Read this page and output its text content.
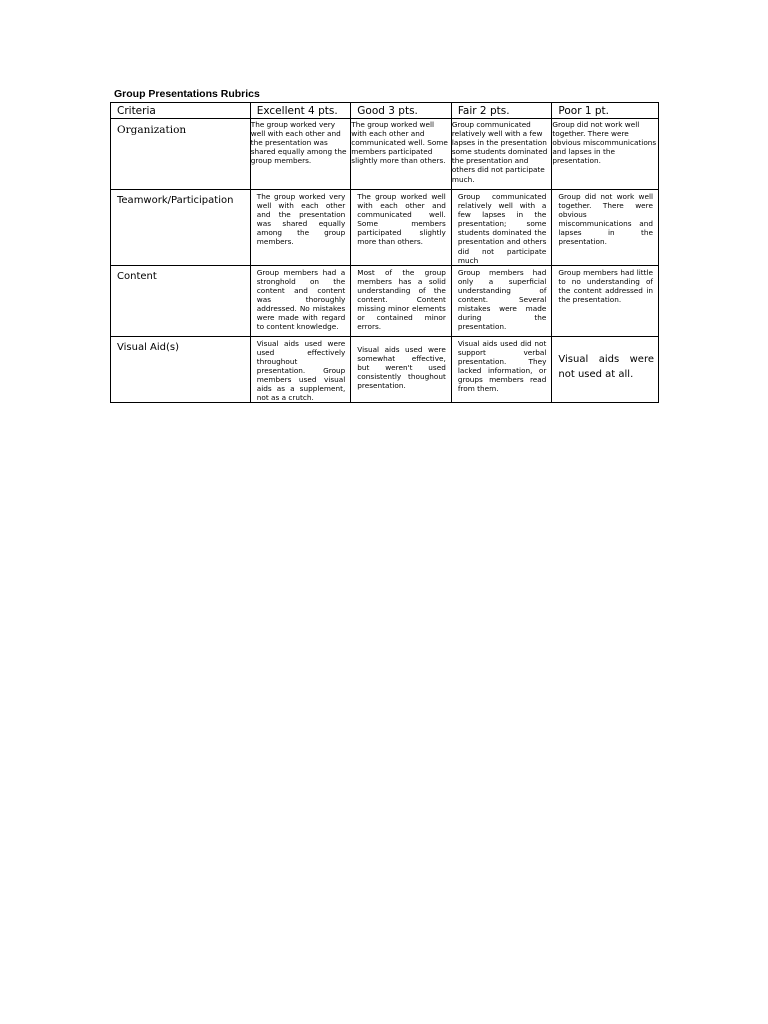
Group Presentations Rubrics
Criteria	Excellent 4 pts.	Good 3 pts.	Fair 2 pts.	Poor 1 pt.

Organization	The group worked very well with each other and the presentation was shared equally among the group members.	The group worked well with each other and communicated well. Some members participated slightly more than others.	Group communicated relatively well with a few lapses in the presentation some students dominated the presentation and others did not participate much.	Group did not work well together. There were obvious miscommunications and lapses in the presentation.

Teamwork/Participation	The group worked very well with each other and the presentation was shared equally among the group members.	The group worked well with each other and communicated well. Some members participated slightly more than others.	Group communicated relatively well with a few lapses in the presentation; some students dominated the presentation and others did not participate much	Group did not work well together. There were obvious miscommunications and lapses in the presentation.

Content	Group members had a stronghold on the content and content was thoroughly addressed. No mistakes were made with regard to content knowledge.	Most of the group members has a solid understanding of the content. Content missing minor elements or contained minor errors.	Group members had only a superficial understanding of content. Several mistakes were made during the presentation.	Group members had little to no understanding of the content addressed in the presentation.

Visual Aid(s)	Visual aids used were used effectively throughout presentation. Group members used visual aids as a supplement, not as a crutch.	Visual aids used were somewhat effective, but weren't used consistently thoughout presentation.	Visual aids used did not support verbal presentation. They lacked information, or groups members read from them.	Visual aids were not used at all.
